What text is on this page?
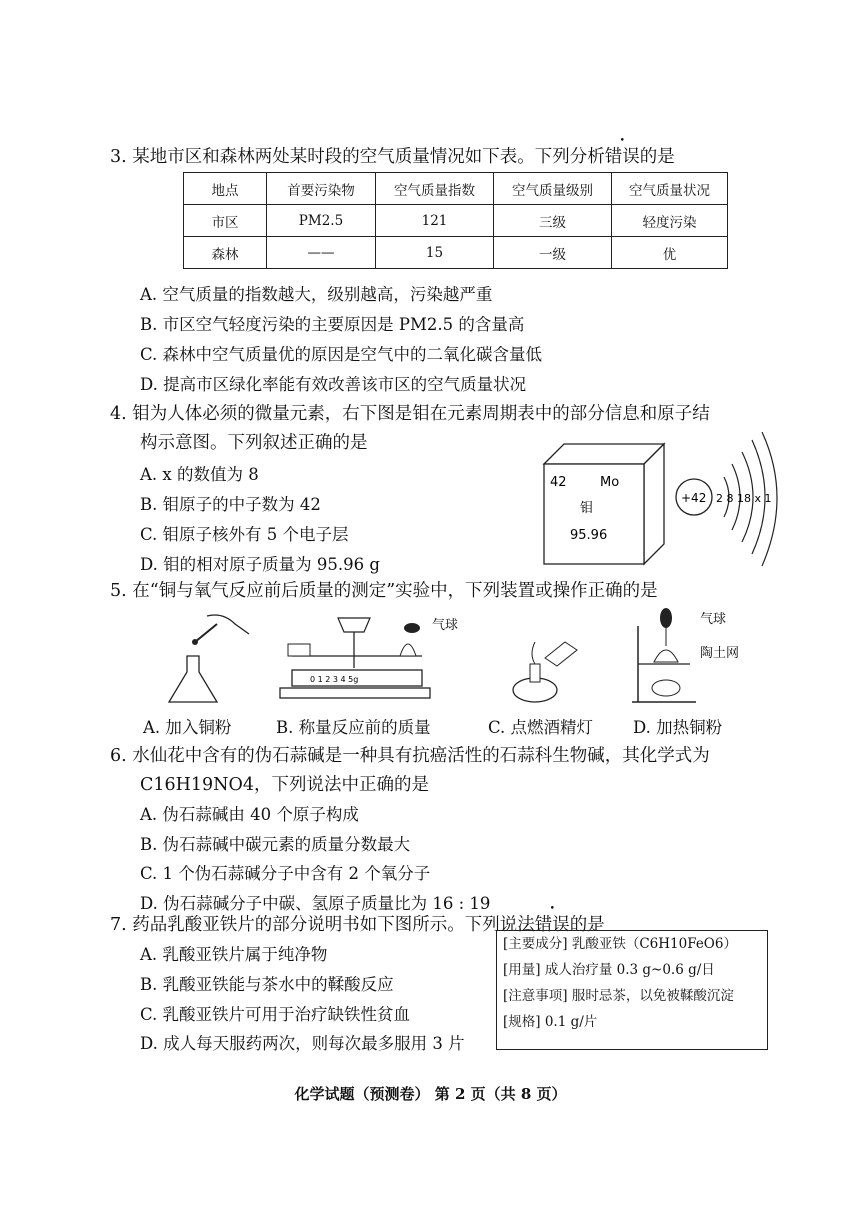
3. 某地市区和森林两处某时段的空气质量情况如下表。下列分析错误的是
地点	首要污染物	空气质量指数	空气质量级别	空气质量状况
市区	PM2.5	121	三级	轻度污染
森林	——	15	一级	优
A. 空气质量的指数越大，级别越高，污染越严重
B. 市区空气轻度污染的主要原因是 PM2.5 的含量高
C. 森林中空气质量优的原因是空气中的二氧化碳含量低
D. 提高市区绿化率能有效改善该市区的空气质量状况
4. 钼为人体必须的微量元素，右下图是钼在元素周期表中的部分信息和原子结
构示意图。下列叙述正确的是
A. x 的数值为 8
B. 钼原子的中子数为 42
C. 钼原子核外有 5 个电子层
D. 钼的相对原子质量为 95.96 g
42	Mo
钼
95.96
+42 2 8 18 x 1
5. 在“铜与氧气反应前后质量的测定”实验中，下列装置或操作正确的是
0 1 2 3 4 5g
气球	气球
陶土网
A. 加入铜粉	B. 称量反应前的质量	C. 点燃酒精灯 D. 加热铜粉
6. 水仙花中含有的伪石蒜碱是一种具有抗癌活性的石蒜科生物碱，其化学式为
C16H19NO4，下列说法中正确的是
A. 伪石蒜碱由 40 个原子构成
B. 伪石蒜碱中碳元素的质量分数最大
C. 1 个伪石蒜碱分子中含有 2 个氧分子
D. 伪石蒜碱分子中碳、氢原子质量比为 16 : 19
7. 药品乳酸亚铁片的部分说明书如下图所示。下列说法错误的是
A. 乳酸亚铁片属于纯净物
B. 乳酸亚铁能与茶水中的鞣酸反应
C. 乳酸亚铁片可用于治疗缺铁性贫血
D. 成人每天服药两次，则每次最多服用 3 片
[主要成分] 乳酸亚铁（C6H10FeO6）
[用量] 成人治疗量 0.3 g~0.6 g/日
[注意事项] 服时忌茶，以免被鞣酸沉淀
[规格] 0.1 g/片
化学试题（预测卷） 第 2 页（共 8 页）
